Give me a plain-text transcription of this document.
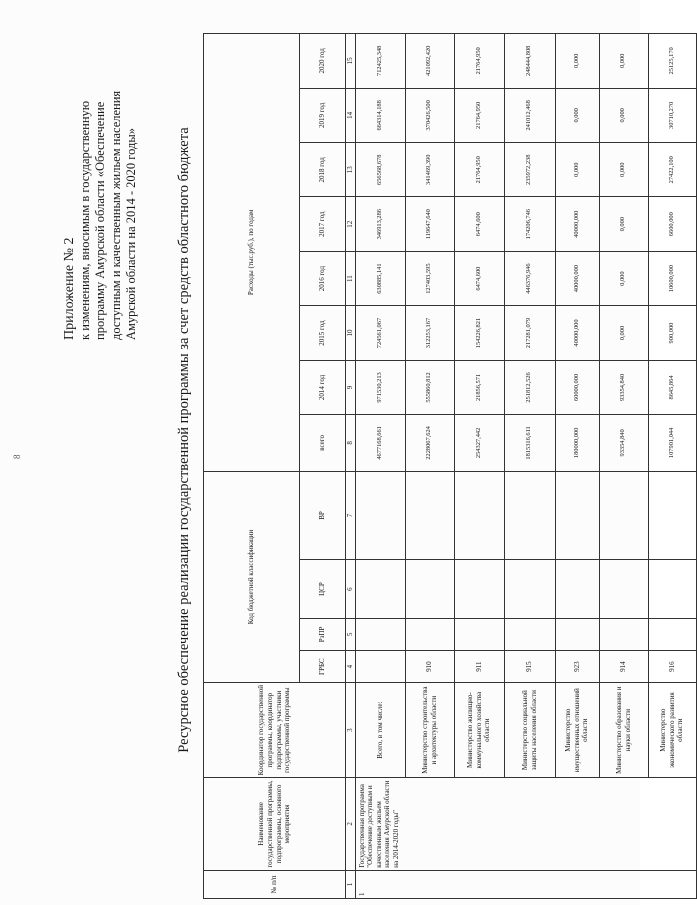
8
Приложение № 2 к изменениям, вносимым в государственную программу Амурской области «Обеспечение доступным и качественным жильем населения Амурской области на 2014 - 2020 годы»	Ресурсное обеспечение реализации государственной программы за счет средств областного бюджета
№ п/п	Наименование государственной программы, подпрограммы, основного мероприятия	Координатор государственной программы, координатор подпрограммы, участники государственной программы	Код бюджетной классификации				Расходы (тыс.руб.), по годам							
			ГРБС	РзПР	ЦСР	ВР	всего	2014 год	2015 год	2016 год	2017 год	2018 год	2019 год	2020 год
1	2	3	4	5	6	7	8	9	10	11	12	13	14	15
1	Государственная программа "Обеспечение доступным и качественным жильем населения Амурской области на 2014-2020 годы"	Всего, в том числе:					4677168,661	971530,213	724561,067	630885,141	346913,286	656568,678	664314,188	712425,348
		Министерство строительства и архитектуры области	910				2228067,624	555860,812	312253,167	127403,595	119647,640	341469,390	370426,500	421092,420
		Министерство жилищно-коммунального хозяйства области	911				254327,442	21856,571	154226,821	6474,600	6474,600	21764,950	21764,950	21764,950
		Министерство социальной защиты населения области	915				1815316,611	251812,526	217281,079	446376,946	174206,746	235972,238	241012,468	248444,808
		Министерство имущественных отношений области	923				180000,000	60000,000	40000,000	40000,000	40000,000	0,000	0,000	0,000
		Министерство образования и науки области	914				93354,840	93354,840	0,000	0,000	0,000	0,000	0,000	0,000
		Министерство экономического развития области	916				107901,044	8645,864	900,000	10600,000	6600,000	27422,100	30710,270	25125,170
